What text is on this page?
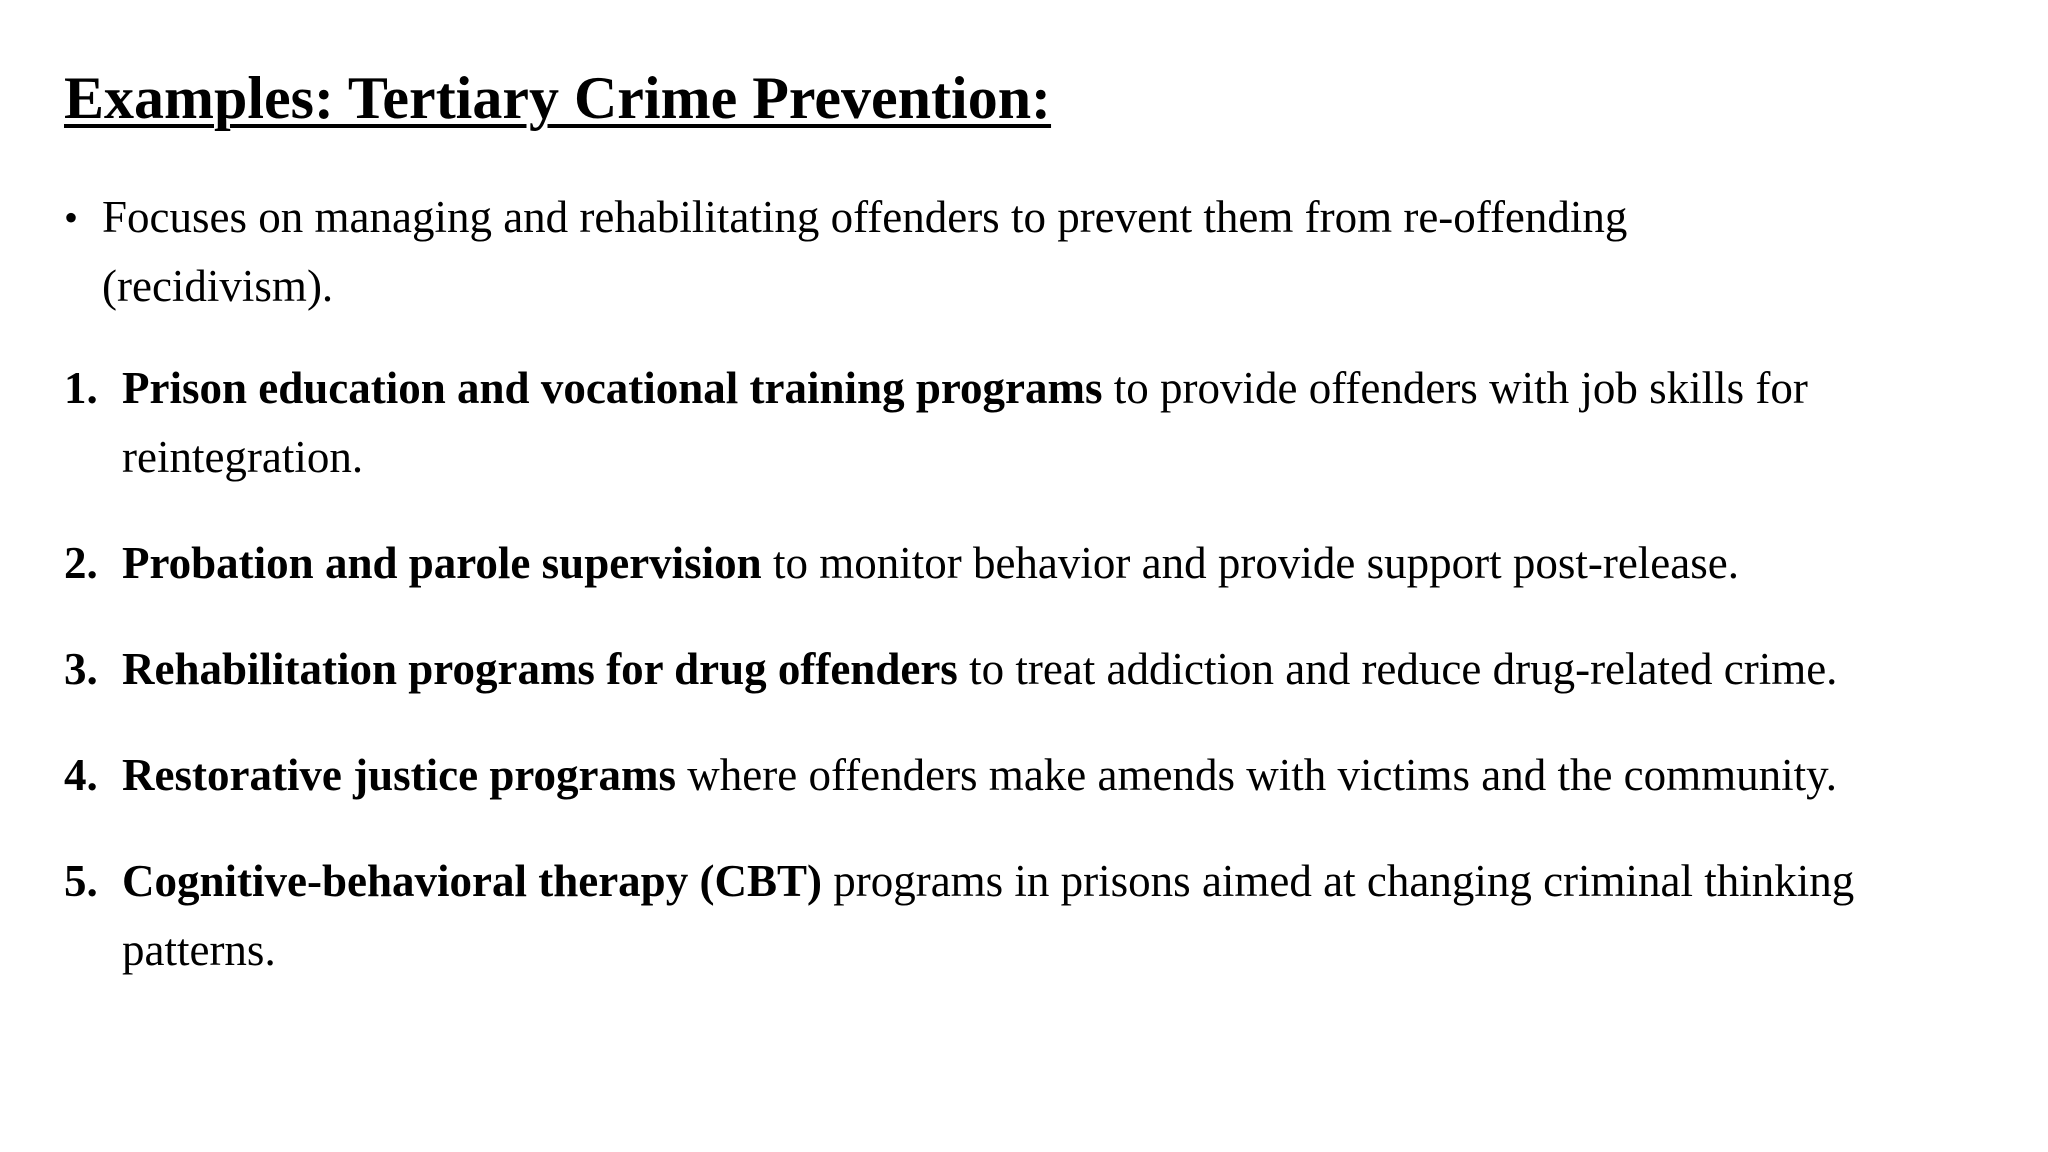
Examples: Tertiary Crime Prevention:
• Focuses on managing and rehabilitating offenders to prevent them from re-offending (recidivism).
1. Prison education and vocational training programs to provide offenders with job skills for reintegration.
2. Probation and parole supervision to monitor behavior and provide support post-release.
3. Rehabilitation programs for drug offenders to treat addiction and reduce drug-related crime.
4. Restorative justice programs where offenders make amends with victims and the community.
5. Cognitive-behavioral therapy (CBT) programs in prisons aimed at changing criminal thinking patterns.
